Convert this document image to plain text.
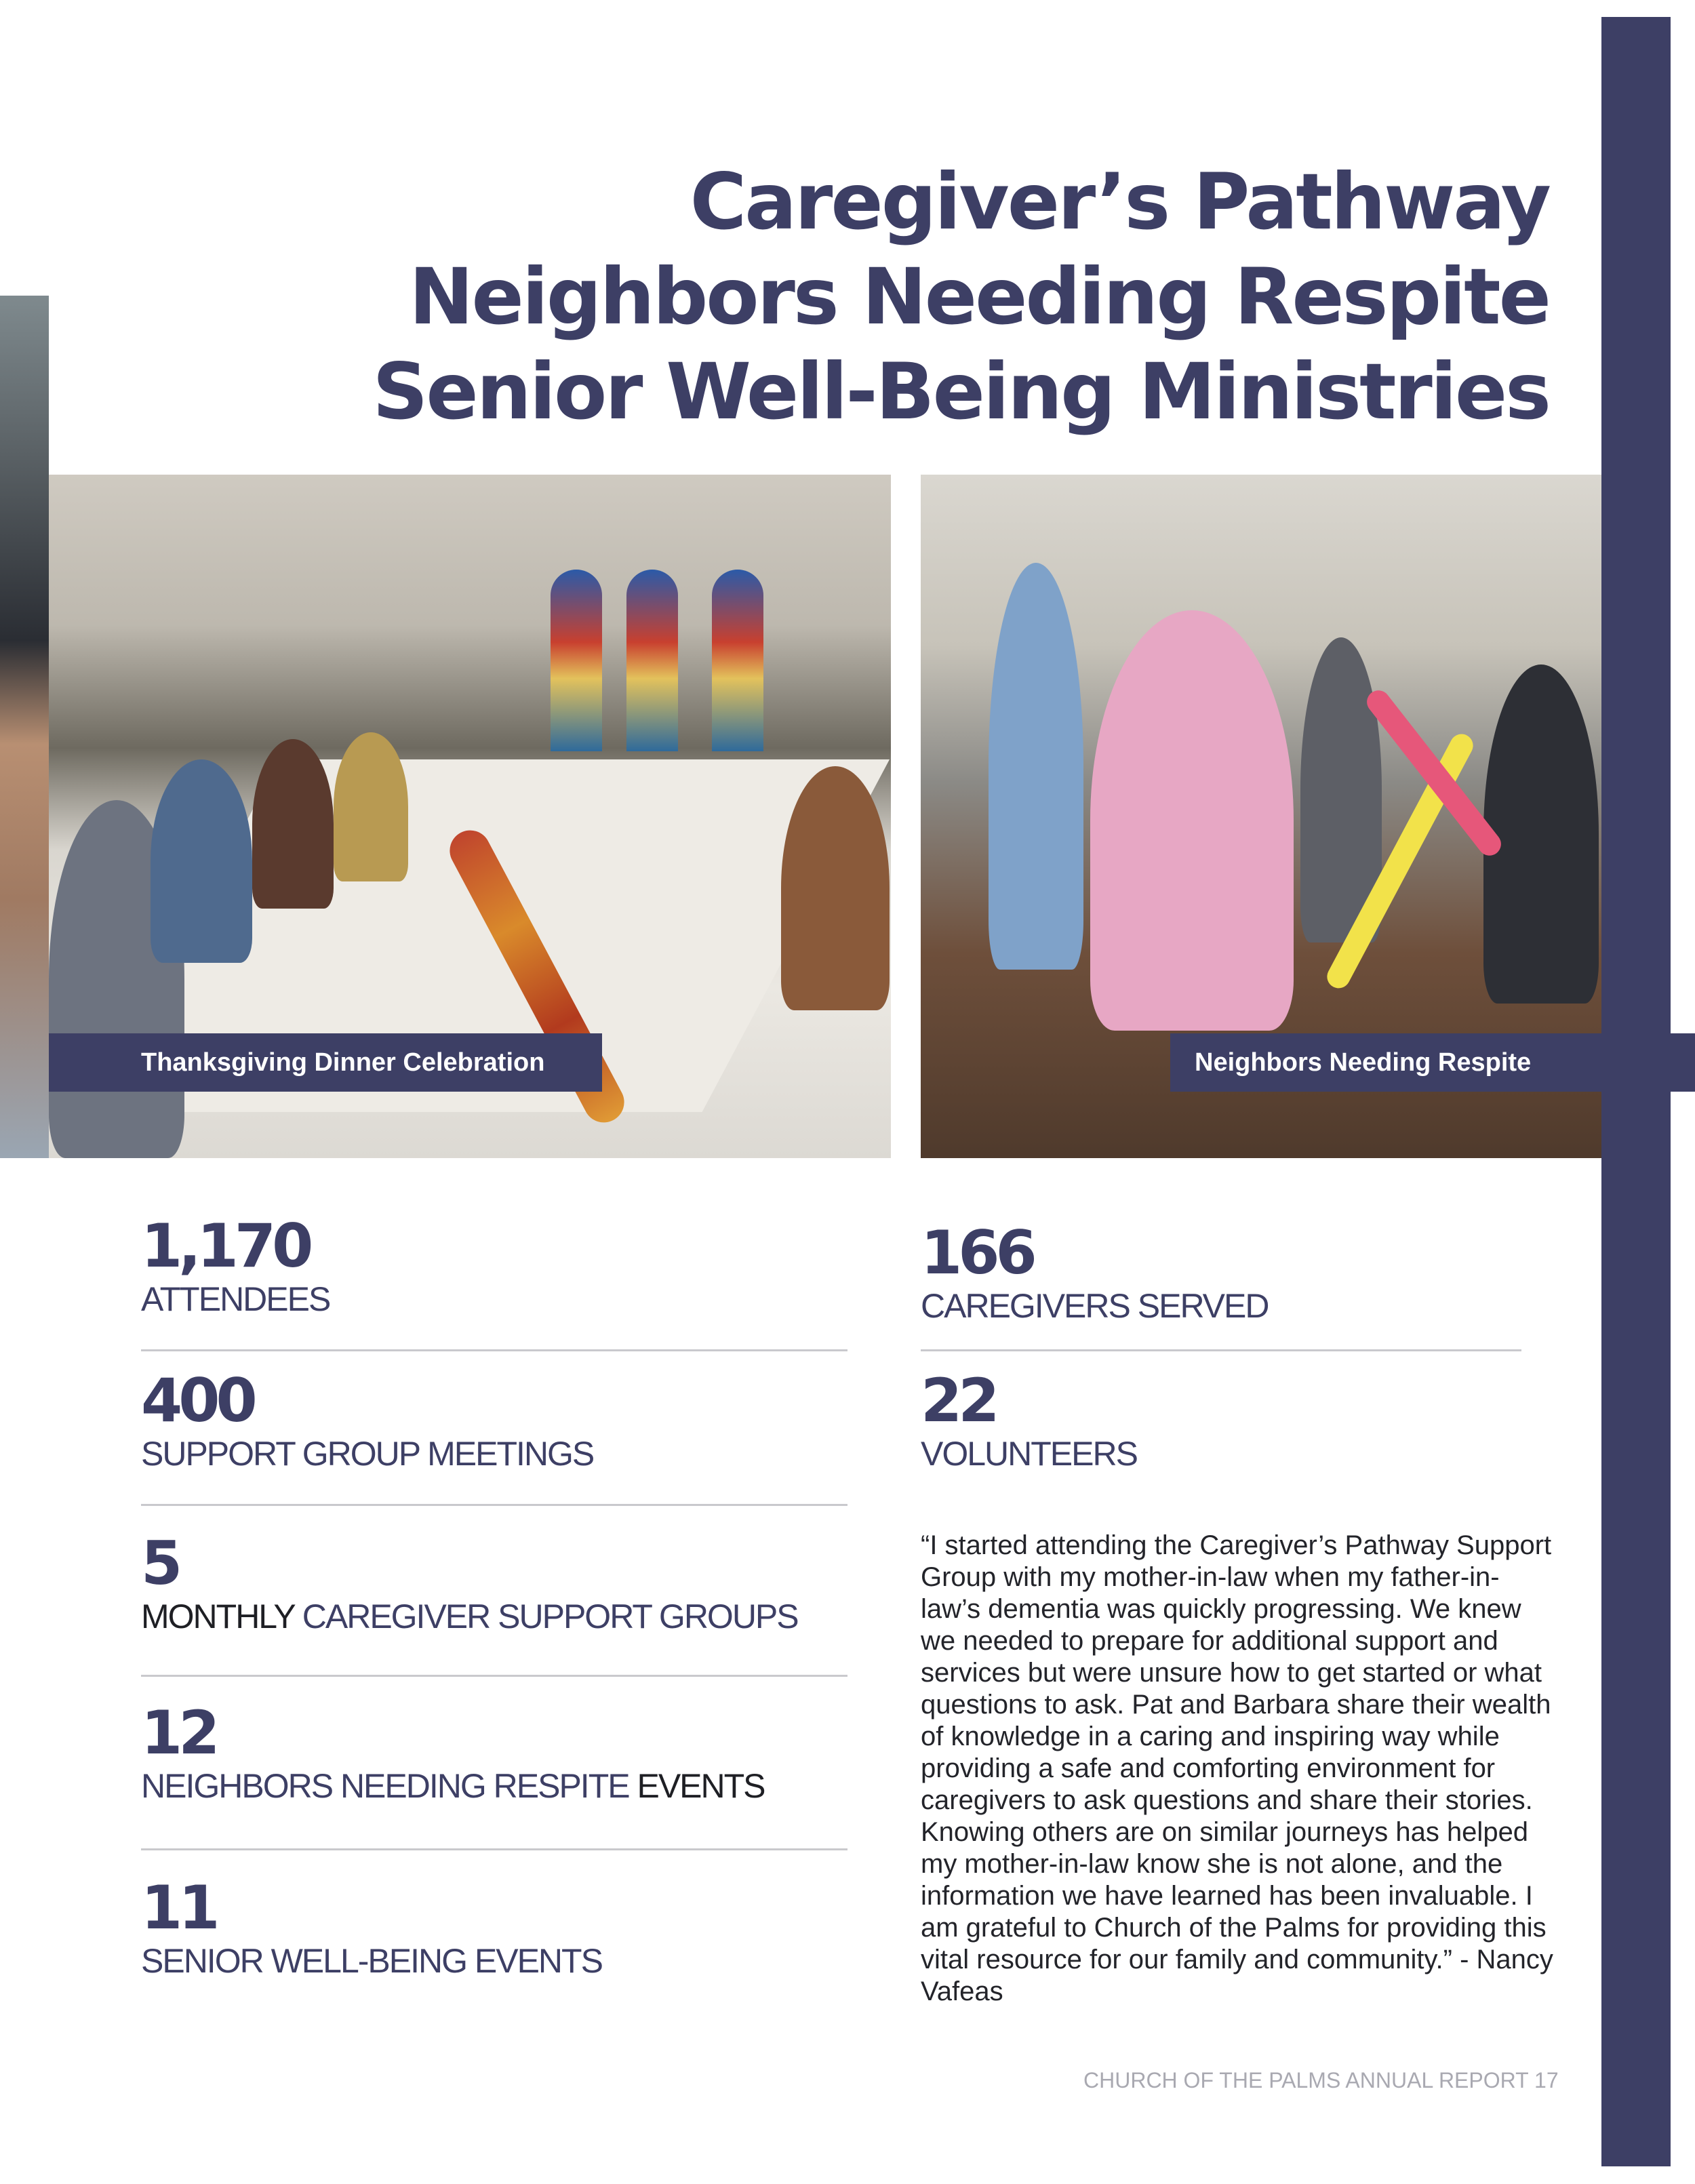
Caregiver’s Pathway
Neighbors Needing Respite
Senior Well-Being Ministries
Thanksgiving Dinner Celebration	Neighbors Needing Respite
1,170
ATTENDEES
400
SUPPORT GROUP MEETINGS
5
MONTHLY CAREGIVER SUPPORT GROUPS
12
NEIGHBORS NEEDING RESPITE EVENTS
11
SENIOR WELL-BEING EVENTS
166
CAREGIVERS SERVED
22
VOLUNTEERS
“I started attending the Caregiver’s Pathway Support Group with my mother-in-law when my father-in-law’s dementia was quickly progressing. We knew we needed to prepare for additional support and services but were unsure how to get started or what questions to ask. Pat and Barbara share their wealth of knowledge in a caring and inspiring way while providing a safe and comforting environment for caregivers to ask questions and share their stories. Knowing others are on similar journeys has helped my mother-in-law know she is not alone, and the information we have learned has been invaluable. I am grateful to Church of the Palms for providing this vital resource for our family and community.” - Nancy Vafeas
CHURCH OF THE PALMS ANNUAL REPORT 17
